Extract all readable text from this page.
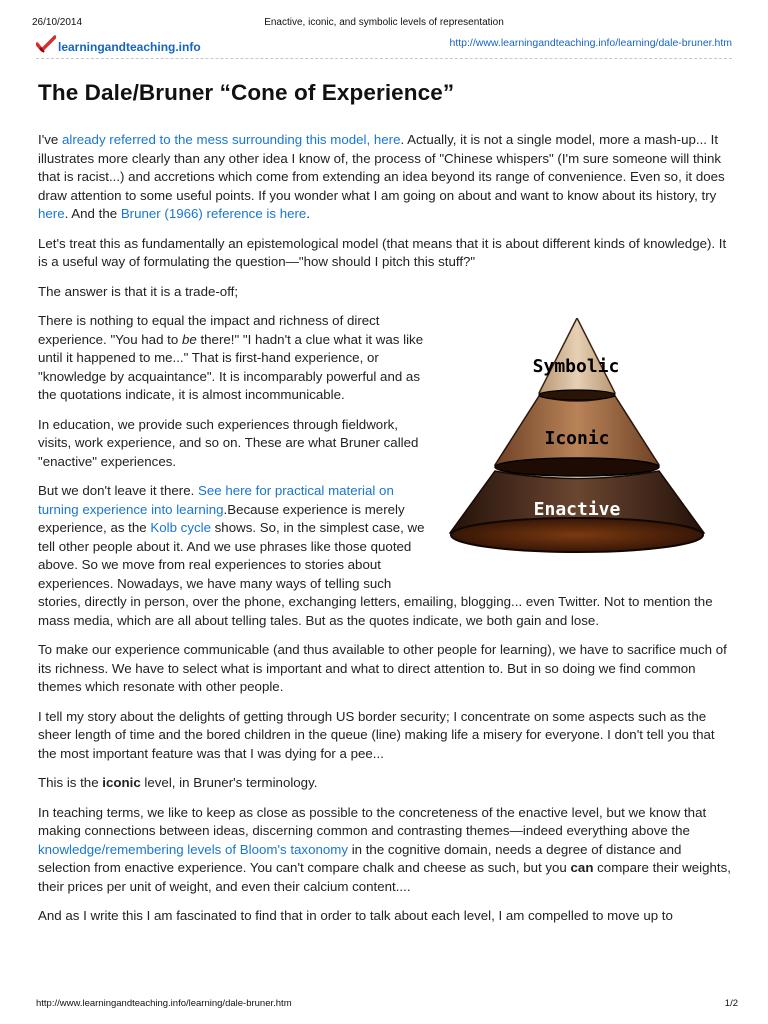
26/10/2014	Enactive, iconic, and symbolic levels of representation
learningandteaching.info	http://www.learningandteaching.info/learning/dale-bruner.htm
The Dale/Bruner “Cone of Experience”

I've already referred to the mess surrounding this model, here. Actually, it is not a single model, more a mash-up... It illustrates more clearly than any other idea I know of, the process of "Chinese whispers" (I'm sure someone will think that is racist...) and accretions which come from extending an idea beyond its range of convenience. Even so, it does draw attention to some useful points. If you wonder what I am going on about and want to know about its history, try here. And the Bruner (1966) reference is here.

Let's treat this as fundamentally an epistemological model (that means that it is about different kinds of knowledge). It is a useful way of formulating the question—"how should I pitch this stuff?"

The answer is that it is a trade-off;

Symbolic
Iconic
Enactive

There is nothing to equal the impact and richness of direct experience. "You had to be there!" "I hadn't a clue what it was like until it happened to me..." That is first-hand experience, or "knowledge by acquaintance". It is incomparably powerful and as the quotations indicate, it is almost incommunicable.

In education, we provide such experiences through fieldwork, visits, work experience, and so on. These are what Bruner called "enactive" experiences.

But we don't leave it there. See here for practical material on turning experience into learning.Because experience is merely experience, as the Kolb cycle shows. So, in the simplest case, we tell other people about it. And we use phrases like those quoted above. So we move from real experiences to stories about experiences. Nowadays, we have many ways of telling such stories, directly in person, over the phone, exchanging letters, emailing, blogging... even Twitter. Not to mention the mass media, which are all about telling tales. But as the quotes indicate, we both gain and lose.

To make our experience communicable (and thus available to other people for learning), we have to sacrifice much of its richness. We have to select what is important and what to direct attention to. But in so doing we find common themes which resonate with other people.

I tell my story about the delights of getting through US border security; I concentrate on some aspects such as the sheer length of time and the bored children in the queue (line) making life a misery for everyone. I don't tell you that the most important feature was that I was dying for a pee...

This is the iconic level, in Bruner's terminology.

In teaching terms, we like to keep as close as possible to the concreteness of the enactive level, but we know that making connections between ideas, discerning common and contrasting themes—indeed everything above the knowledge/remembering levels of Bloom's taxonomy in the cognitive domain, needs a degree of distance and selection from enactive experience. You can't compare chalk and cheese as such, but you can compare their weights, their prices per unit of weight, and even their calcium content....

And as I write this I am fascinated to find that in order to talk about each level, I am compelled to move up to

http://www.learningandteaching.info/learning/dale-bruner.htm	1/2
